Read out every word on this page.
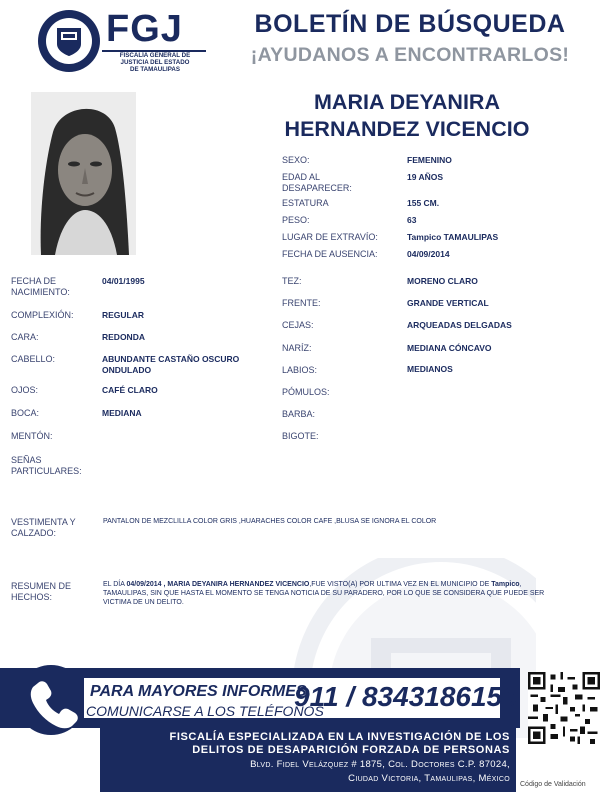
FGJ
FISCALÍA GENERAL DE
JUSTICIA DEL ESTADO
DE TAMAULIPAS
BOLETÍN DE BÚSQUEDA
¡AYUDANOS A ENCONTRARLOS!
MARIA DEYANIRA
HERNANDEZ VICENCIO
SEXO:	FEMENINO
EDAD AL DESAPARECER:
19 AÑOS
ESTATURA	155 CM.
PESO:	63
LUGAR DE EXTRAVÍO:	Tampico TAMAULIPAS
FECHA DE AUSENCIA:	04/09/2014
FECHA DE NACIMIENTO:
04/01/1995
COMPLEXIÓN:	REGULAR
CARA:	REDONDA
CABELLO:	ABUNDANTE CASTAÑO OSCURO ONDULADO
OJOS:	CAFÉ CLARO
BOCA:	MEDIANA
MENTÓN:
SEÑAS PARTICULARES:
TEZ:	MORENO CLARO
FRENTE:	GRANDE VERTICAL
CEJAS:	ARQUEADAS DELGADAS
NARÍZ:	MEDIANA CÓNCAVO
LABIOS:	MEDIANOS
PÓMULOS:
BARBA:
BIGOTE:
VESTIMENTA Y CALZADO:
PANTALON DE MEZCLILLA COLOR GRIS ,HUARACHES COLOR CAFE ,BLUSA SE IGNORA EL COLOR
RESUMEN DE HECHOS:
EL DÍA 04/09/2014 , MARIA DEYANIRA HERNANDEZ VICENCIO,FUE VISTO(A) POR ULTIMA VEZ EN EL MUNICIPIO DE Tampico, TAMAULIPAS, SIN QUE HASTA EL MOMENTO SE TENGA NOTICIA DE SU PARADERO, POR LO QUE SE CONSIDERA QUE PUEDE SER VICTIMA DE UN DELITO.
PARA MAYORES INFORMES,
COMUNICARSE A LOS TELÉFONOS
911 / 8343186150
FISCALÍA ESPECIALIZADA EN LA INVESTIGACIÓN DE LOS
DELITOS DE DESAPARICIÓN FORZADA DE PERSONAS
Blvd. Fidel Velázquez # 1875, Col. Doctores C.P. 87024,
Ciudad Victoria, Tamaulipas, México
Código de Validación
